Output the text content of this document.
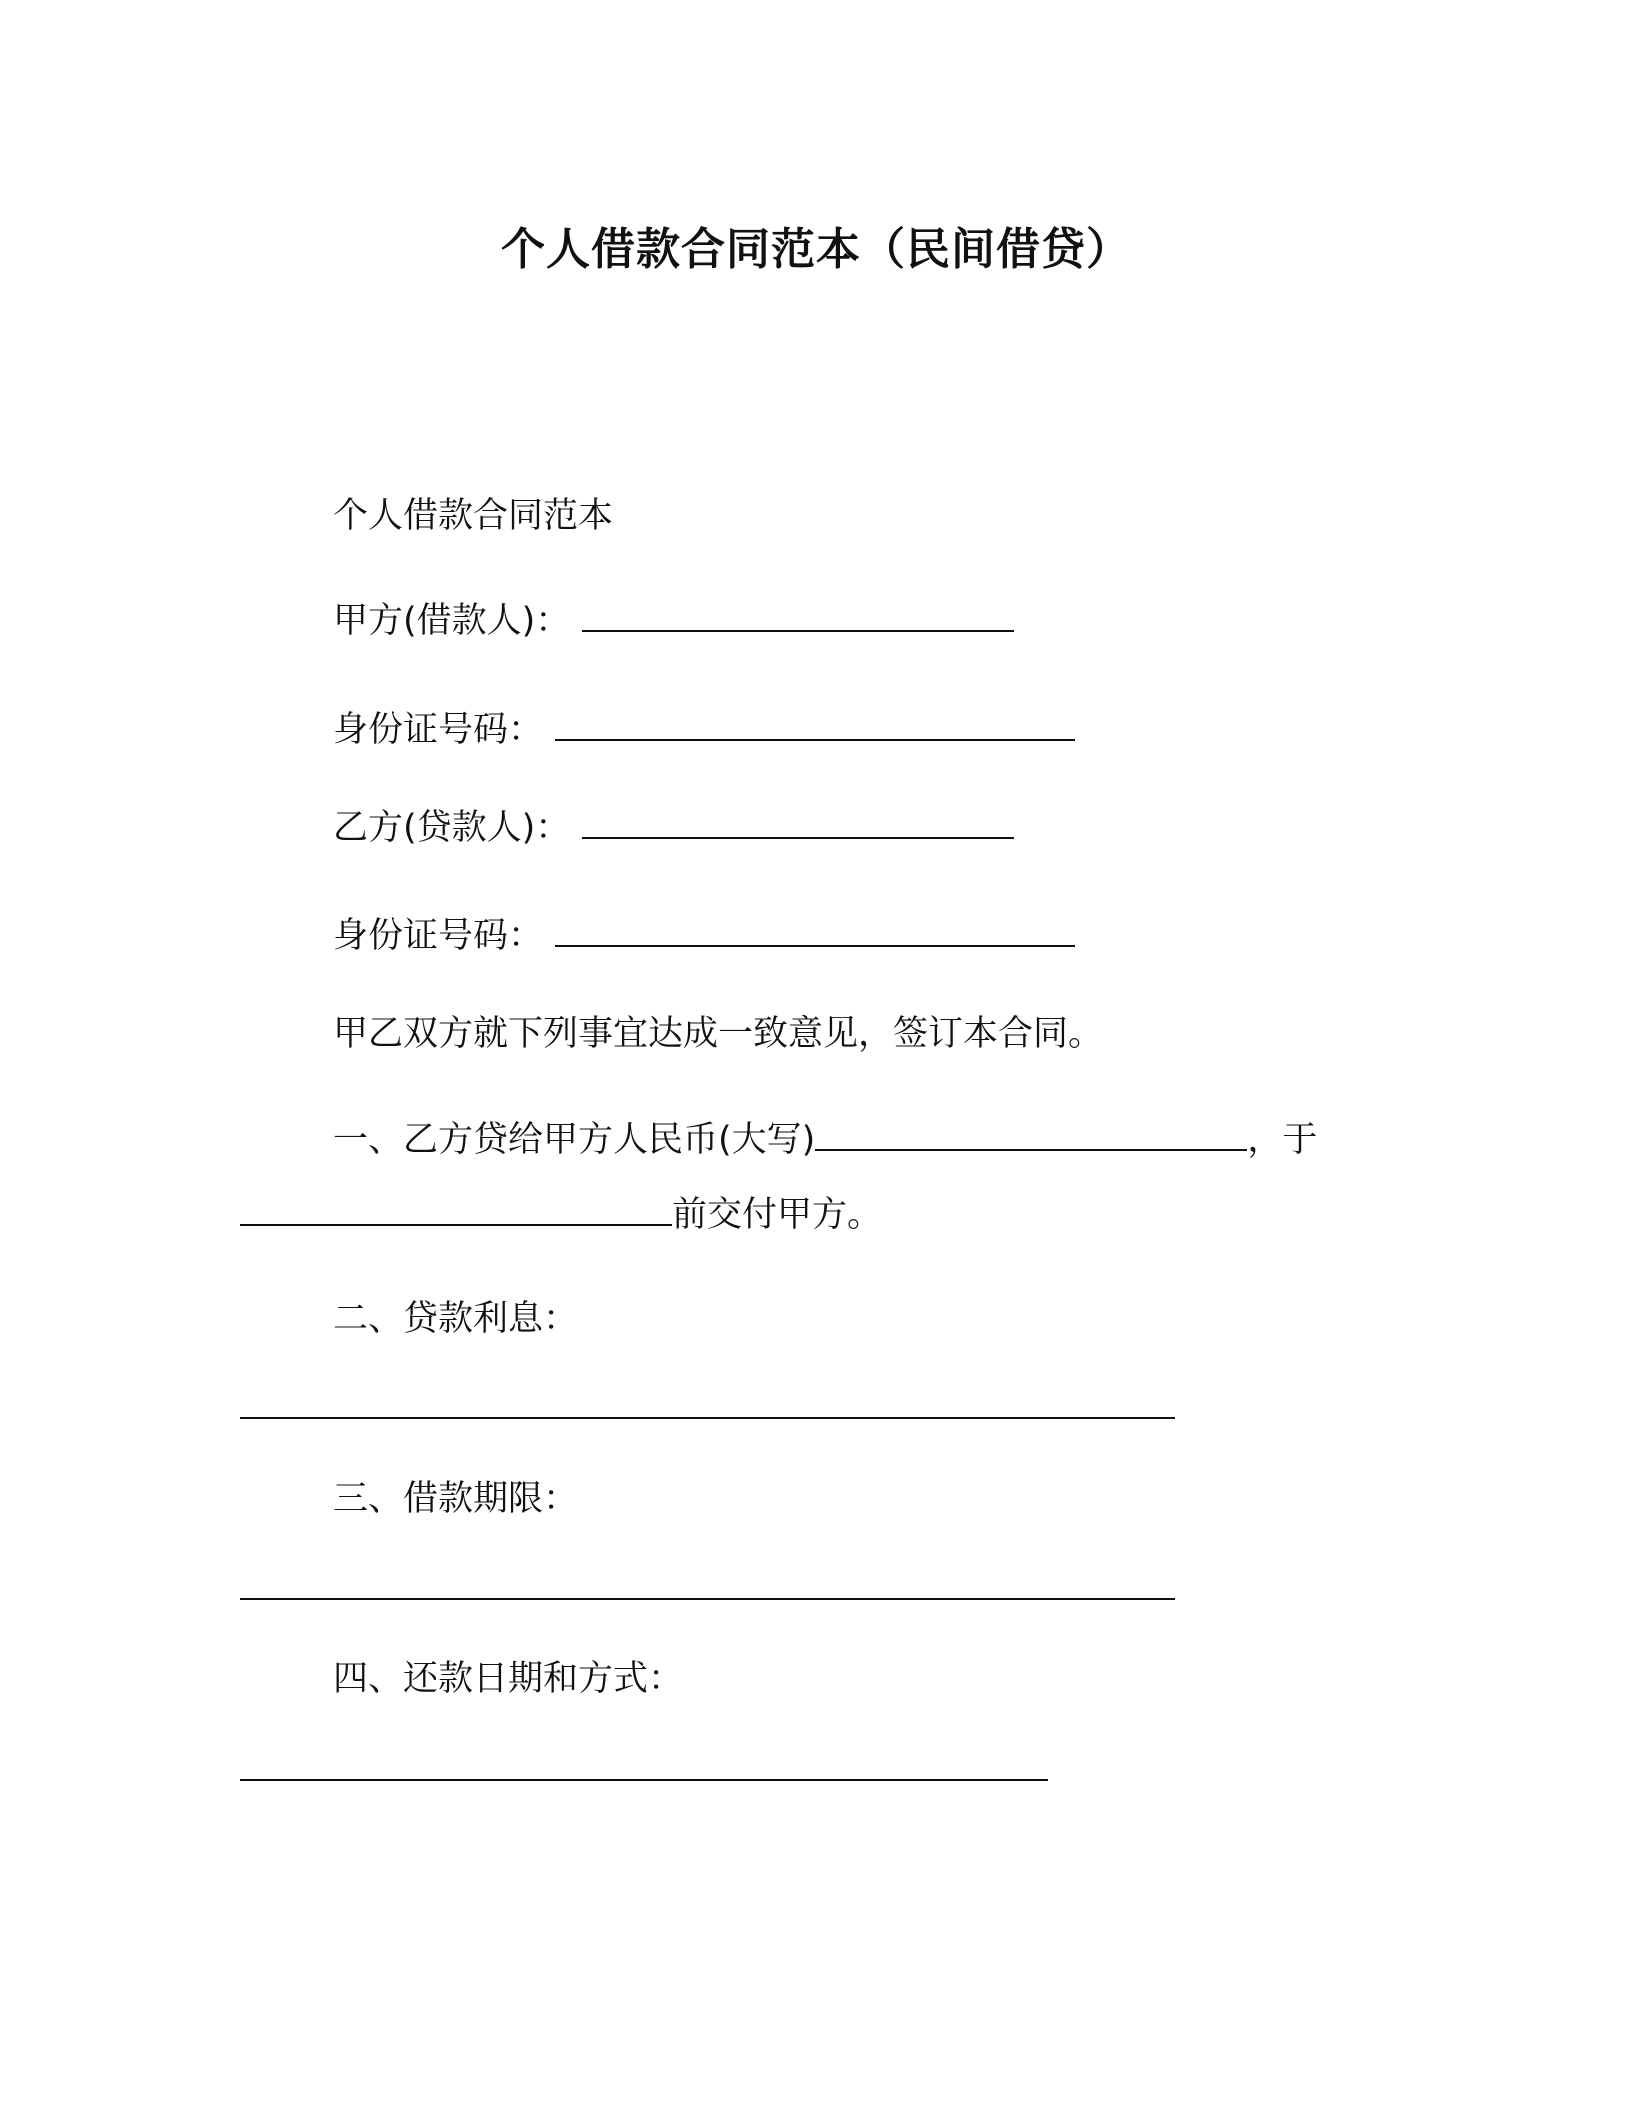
个人借款合同范本（民间借贷）

个人借款合同范本

甲方(借款人)：

身份证号码：

乙方(贷款人)：

身份证号码：

甲乙双方就下列事宜达成一致意见，签订本合同。

一、乙方贷给甲方人民币(大写)	，于

前交付甲方。

二、贷款利息：

三、借款期限：

四、还款日期和方式：
